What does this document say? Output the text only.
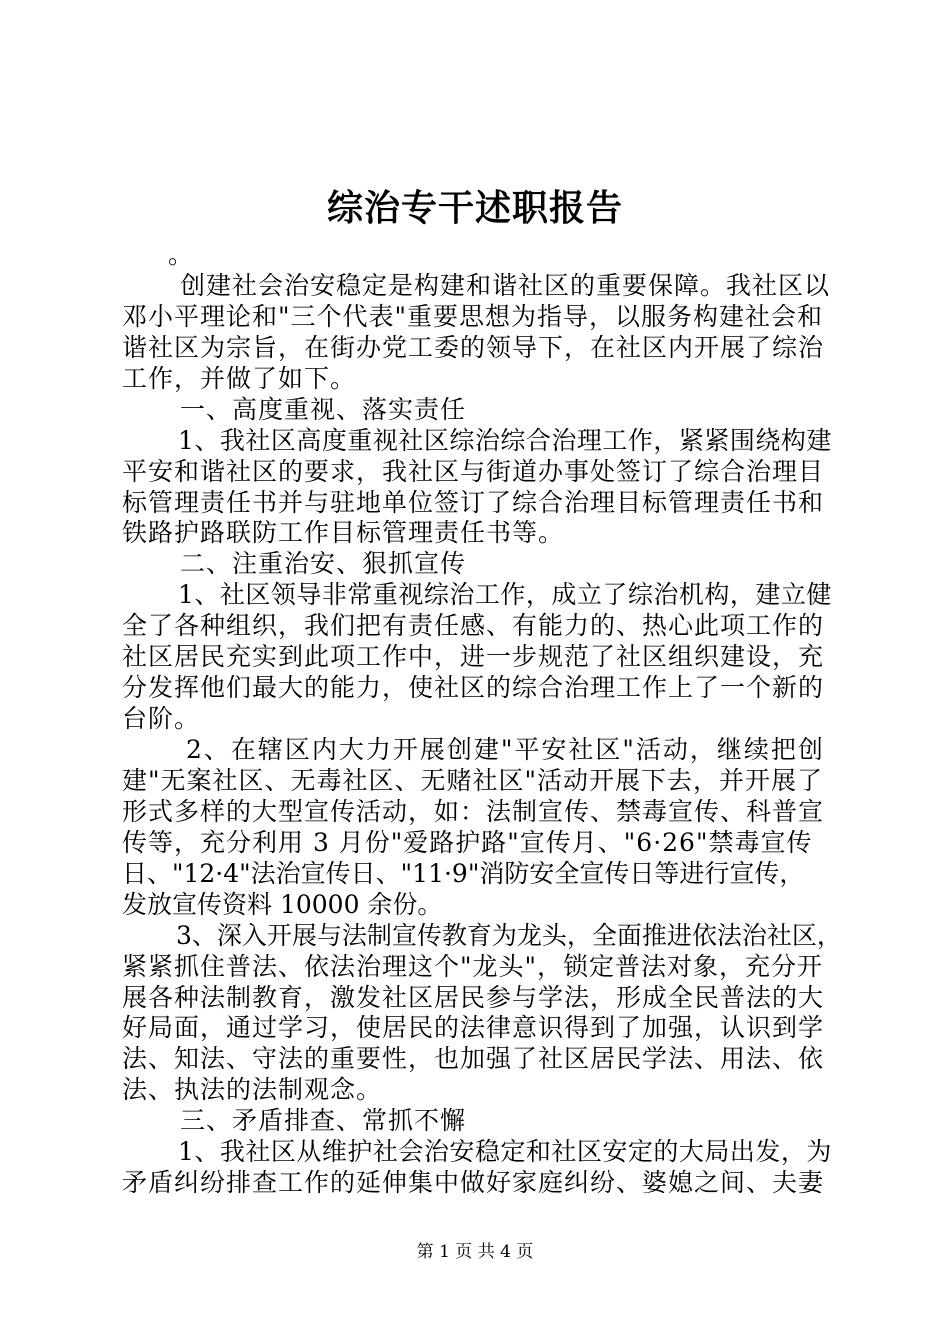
综治专干述职报告
。
创建社会治安稳定是构建和谐社区的重要保障。我社区以
邓小平理论和"三个代表"重要思想为指导，以服务构建社会和
谐社区为宗旨，在街办党工委的领导下，在社区内开展了综治
工作，并做了如下。
一、高度重视、落实责任
1、我社区高度重视社区综治综合治理工作，紧紧围绕构建
平安和谐社区的要求，我社区与街道办事处签订了综合治理目
标管理责任书并与驻地单位签订了综合治理目标管理责任书和
铁路护路联防工作目标管理责任书等。
二、注重治安、狠抓宣传
1、社区领导非常重视综治工作，成立了综治机构，建立健
全了各种组织，我们把有责任感、有能力的、热心此项工作的
社区居民充实到此项工作中，进一步规范了社区组织建设，充
分发挥他们最大的能力，使社区的综合治理工作上了一个新的
台阶。
2、在辖区内大力开展创建"平安社区"活动，继续把创
建"无案社区、无毒社区、无赌社区"活动开展下去，并开展了
形式多样的大型宣传活动，如：法制宣传、禁毒宣传、科普宣
传等，充分利用 3 月份"爱路护路"宣传月、"6·26"禁毒宣传
日、"12·4"法治宣传日、"11·9"消防安全宣传日等进行宣传，
发放宣传资料 10000 余份。
3、深入开展与法制宣传教育为龙头，全面推进依法治社区，
紧紧抓住普法、依法治理这个"龙头"，锁定普法对象，充分开
展各种法制教育，激发社区居民参与学法，形成全民普法的大
好局面，通过学习，使居民的法律意识得到了加强，认识到学
法、知法、守法的重要性，也加强了社区居民学法、用法、依
法、执法的法制观念。
三、矛盾排查、常抓不懈
1、我社区从维护社会治安稳定和社区安定的大局出发，为
矛盾纠纷排查工作的延伸集中做好家庭纠纷、婆媳之间、夫妻
第 1 页 共 4 页
